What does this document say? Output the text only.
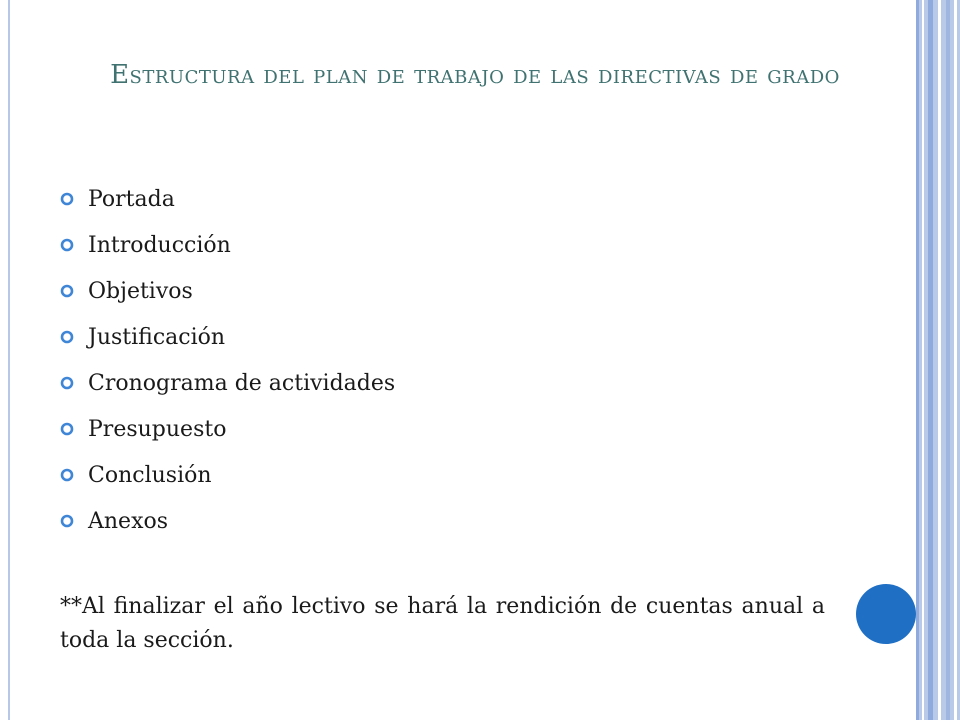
Estructura del plan de trabajo de las directivas de grado
Portada
Introducción
Objetivos
Justificación
Cronograma de actividades
Presupuesto
Conclusión
Anexos
**Al finalizar el año lectivo se hará la rendición de cuentas anual a toda la sección.
